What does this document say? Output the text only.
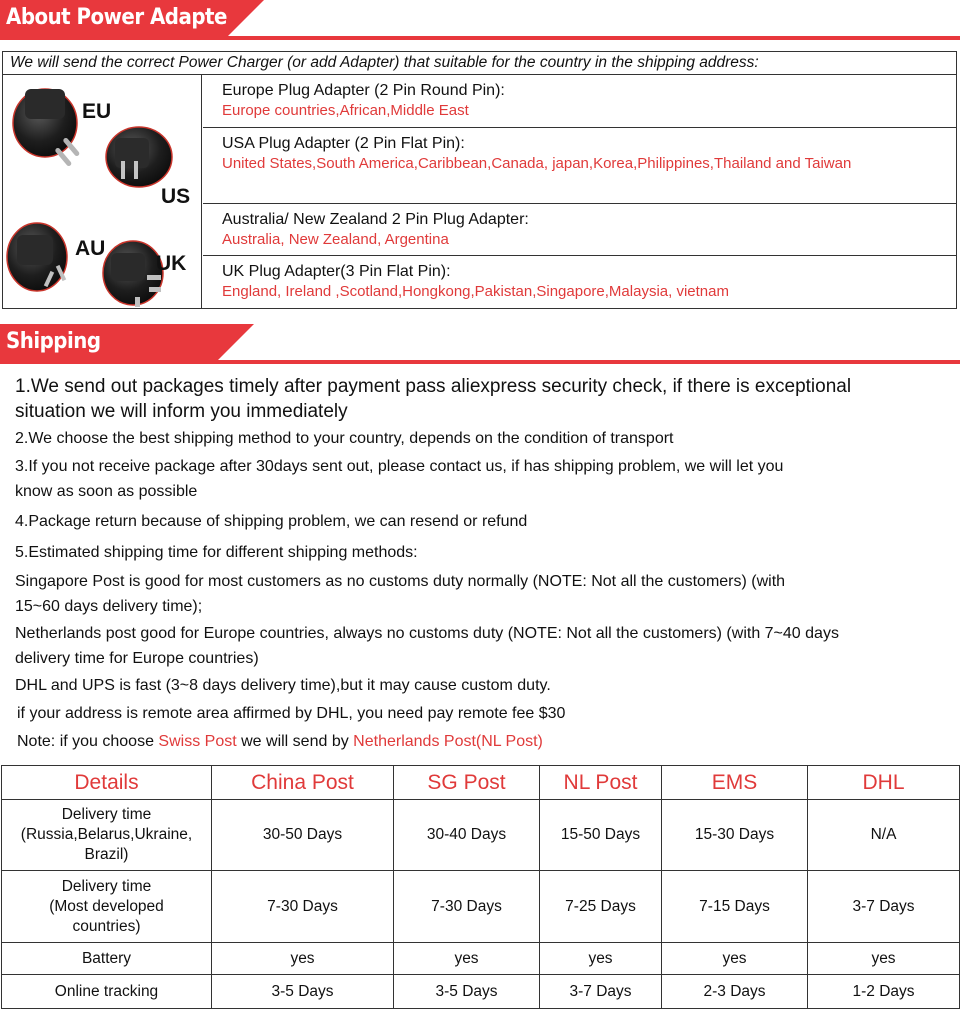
About Power Adapter
We will send the correct Power Charger (or add Adapter) that suitable for the country in the shipping address:
EU
US
AU
UK
Europe Plug Adapter (2 Pin Round Pin):
Europe countries,African,Middle East
USA Plug Adapter (2 Pin Flat Pin):
United States,South America,Caribbean,Canada, japan,Korea,Philippines,Thailand and Taiwan
Australia/ New Zealand 2 Pin Plug Adapter:
Australia, New Zealand, Argentina
UK Plug Adapter(3 Pin Flat Pin):
England, Ireland ,Scotland,Hongkong,Pakistan,Singapore,Malaysia, vietnam
Shipping
1.We send out packages timely after payment pass aliexpress security check, if there is exceptional
situation we will inform you immediately
2.We choose the best shipping method to your country, depends on the condition of transport
3.If you not receive package after 30days sent out, please contact us, if has shipping problem, we will let you
know as soon as possible
4.Package return because of shipping problem, we can resend or refund
5.Estimated shipping time for different shipping methods:
Singapore Post is good for most customers as no customs duty normally (NOTE: Not all the customers) (with
15~60 days delivery time);
Netherlands post good for Europe countries, always no customs duty (NOTE: Not all the customers) (with 7~40 days
delivery time for Europe countries)
DHL and UPS is fast (3~8 days delivery time),but it may cause custom duty.
if your address is remote area affirmed by DHL, you need pay remote fee $30
Note: if you choose Swiss Post we will send by Netherlands Post(NL Post)
Details	China Post	SG Post	NL Post	EMS	DHL
Delivery time
(Russia,Belarus,Ukraine,
Brazil)	30-50 Days	30-40 Days	15-50 Days	15-30 Days	N/A
Delivery time
(Most developed
countries)	7-30 Days	7-30 Days	7-25 Days	7-15 Days	3-7 Days
Battery	yes	yes	yes	yes	yes
Online tracking	3-5 Days	3-5 Days	3-7 Days	2-3 Days	1-2 Days
